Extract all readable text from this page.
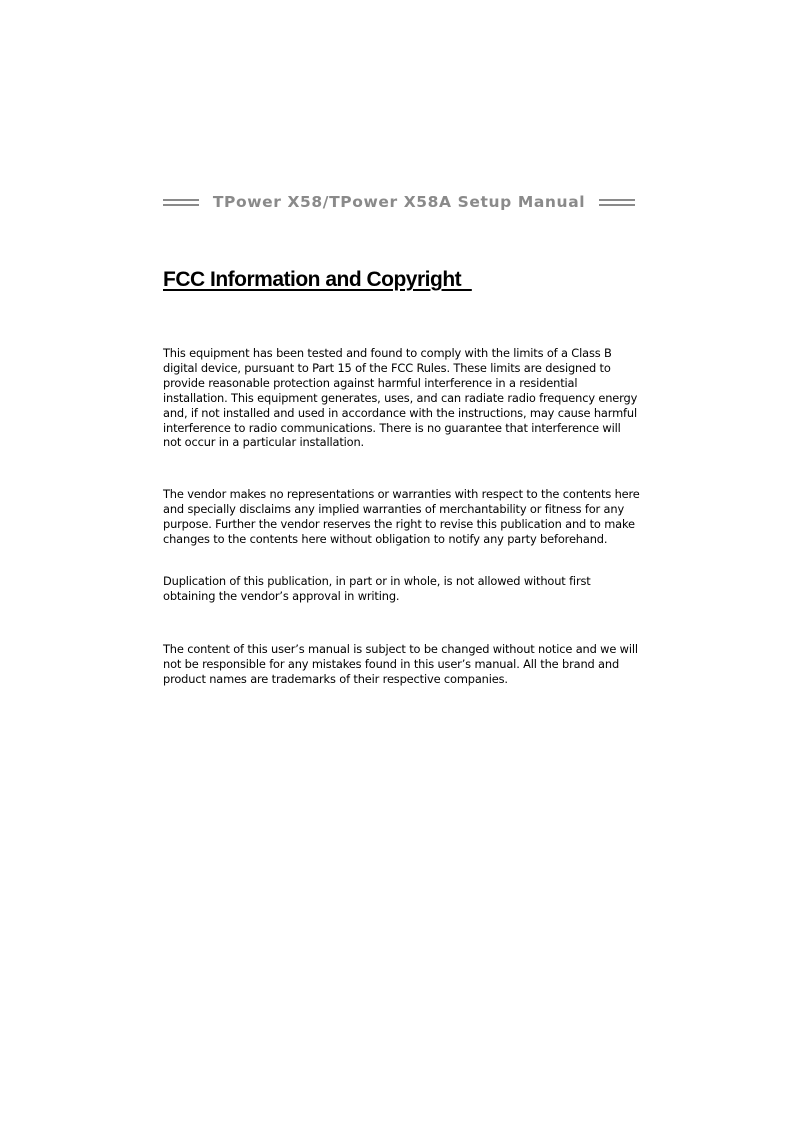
TPower X58/TPower X58A Setup Manual
FCC Information and Copyright

This equipment has been tested and found to comply with the limits of a Class B digital device, pursuant to Part 15 of the FCC Rules. These limits are designed to provide reasonable protection against harmful interference in a residential installation. This equipment generates, uses, and can radiate radio frequency energy and, if not installed and used in accordance with the instructions, may cause harmful interference to radio communications. There is no guarantee that interference will not occur in a particular installation.

The vendor makes no representations or warranties with respect to the contents here and specially disclaims any implied warranties of merchantability or fitness for any purpose. Further the vendor reserves the right to revise this publication and to make changes to the contents here without obligation to notify any party beforehand.

Duplication of this publication, in part or in whole, is not allowed without first obtaining the vendor’s approval in writing.

The content of this user’s manual is subject to be changed without notice and we will not be responsible for any mistakes found in this user’s manual. All the brand and product names are trademarks of their respective companies.
